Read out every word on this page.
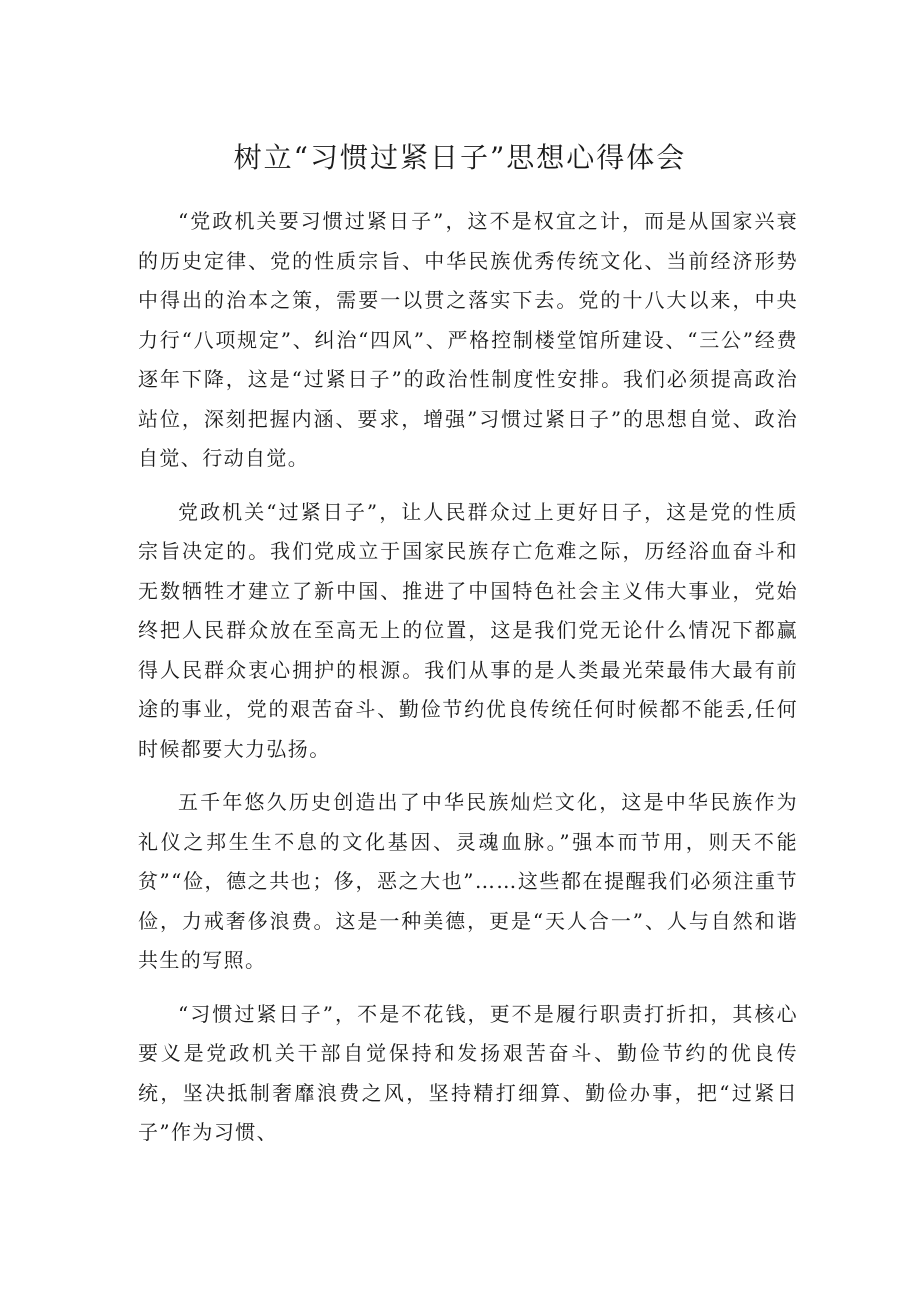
树立“习惯过紧日子”思想心得体会

“党政机关要习惯过紧日子”，这不是权宜之计，而是从国家兴衰的历史定律、党的性质宗旨、中华民族优秀传统文化、当前经济形势中得出的治本之策，需要一以贯之落实下去。党的十八大以来，中央力行“八项规定”、纠治“四风”、严格控制楼堂馆所建设、“三公”经费逐年下降，这是“过紧日子”的政治性制度性安排。我们必须提高政治站位，深刻把握内涵、要求，增强”习惯过紧日子”的思想自觉、政治自觉、行动自觉。

党政机关“过紧日子”，让人民群众过上更好日子，这是党的性质宗旨决定的。我们党成立于国家民族存亡危难之际，历经浴血奋斗和无数牺牲才建立了新中国、推进了中国特色社会主义伟大事业，党始终把人民群众放在至高无上的位置，这是我们党无论什么情况下都赢得人民群众衷心拥护的根源。我们从事的是人类最光荣最伟大最有前途的事业，党的艰苦奋斗、勤俭节约优良传统任何时候都不能丢,任何时候都要大力弘扬。

五千年悠久历史创造出了中华民族灿烂文化，这是中华民族作为礼仪之邦生生不息的文化基因、灵魂血脉。”强本而节用，则天不能贫”“俭，德之共也；侈，恶之大也”……这些都在提醒我们必须注重节俭，力戒奢侈浪费。这是一种美德，更是“天人合一”、人与自然和谐共生的写照。

“习惯过紧日子”，不是不花钱，更不是履行职责打折扣，其核心要义是党政机关干部自觉保持和发扬艰苦奋斗、勤俭节约的优良传统，坚决抵制奢靡浪费之风，坚持精打细算、勤俭办事，把“过紧日子”作为习惯、
